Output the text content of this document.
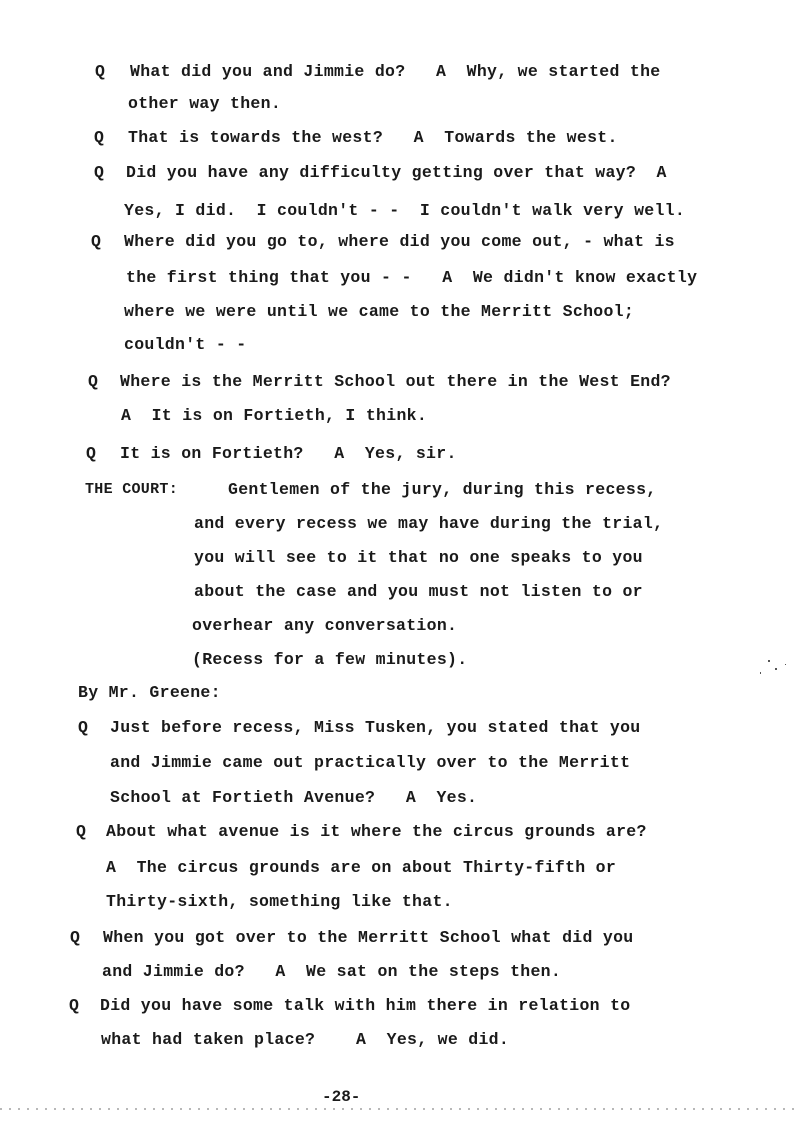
Q What did you and Jimmie do?   A  Why, we started the
other way then.
Q That is towards the west?   A  Towards the west.
Q Did you have any difficulty getting over that way?  A
Yes, I did.  I couldn't - -  I couldn't walk very well.
Q Where did you go to, where did you come out, - what is
the first thing that you - -   A  We didn't know exactly
where we were until we came to the Merritt School;
couldn't - -
Q Where is the Merritt School out there in the West End?
A  It is on Fortieth, I think.
Q It is on Fortieth?   A  Yes, sir.
THE COURT:	Gentlemen of the jury, during this recess,
and every recess we may have during the trial,
you will see to it that no one speaks to you
about the case and you must not listen to or
overhear any conversation.
(Recess for a few minutes).
By Mr. Greene:
Q Just before recess, Miss Tusken, you stated that you
and Jimmie came out practically over to the Merritt
School at Fortieth Avenue?   A  Yes.
Q About what avenue is it where the circus grounds are?
A  The circus grounds are on about Thirty-fifth or
Thirty-sixth, something like that.
Q When you got over to the Merritt School what did you
and Jimmie do?   A  We sat on the steps then.
Q Did you have some talk with him there in relation to
what had taken place?    A  Yes, we did.
-28-
